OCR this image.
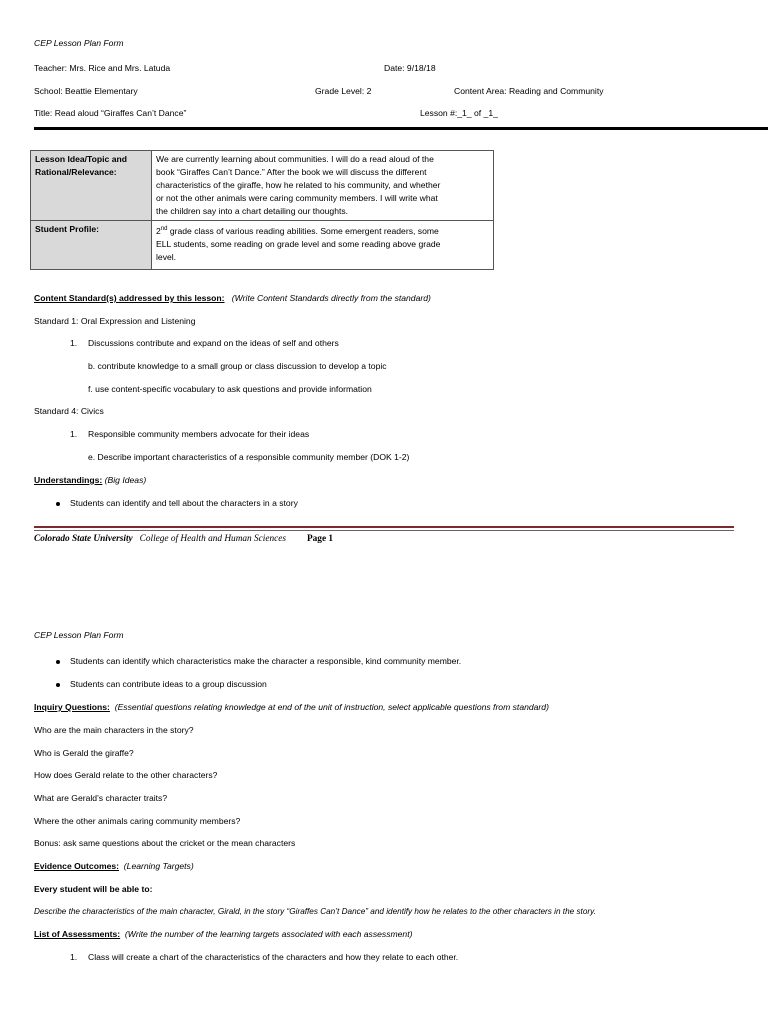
CEP Lesson Plan Form
Teacher: Mrs. Rice and Mrs. Latuda	Date: 9/18/18
School: Beattie Elementary	Grade Level: 2	Content Area: Reading and Community
Title: Read aloud “Giraffes Can’t Dance”	Lesson #:_1_ of _1_
Lesson Idea/Topic and Rational/Relevance:	We are currently learning about communities. I will do a read aloud of the
book “Giraffes Can’t Dance.” After the book we will discuss the different
characteristics of the giraffe, how he related to his community, and whether
or not the other animals were caring community members. I will write what
the children say into a chart detailing our thoughts.

Student Profile:	2nd grade class of various reading abilities. Some emergent readers, some
ELL students, some reading on grade level and some reading above grade
level.
Content Standard(s) addressed by this lesson: (Write Content Standards directly from the standard)
Standard 1: Oral Expression and Listening
1. Discussions contribute and expand on the ideas of self and others
b. contribute knowledge to a small group or class discussion to develop a topic
f. use content-specific vocabulary to ask questions and provide information
Standard 4: Civics
1. Responsible community members advocate for their ideas
e. Describe important characteristics of a responsible community member (DOK 1-2)
Understandings: (Big Ideas)
Students can identify and tell about the characters in a story
Colorado State University College of Health and Human Sciences Page 1
CEP Lesson Plan Form
Students can identify which characteristics make the character a responsible, kind community member.
Students can contribute ideas to a group discussion
Inquiry Questions: (Essential questions relating knowledge at end of the unit of instruction, select applicable questions from standard)
Who are the main characters in the story?
Who is Gerald the giraffe?
How does Gerald relate to the other characters?
What are Gerald’s character traits?
Where the other animals caring community members?
Bonus: ask same questions about the cricket or the mean characters
Evidence Outcomes: (Learning Targets)
Every student will be able to:
Describe the characteristics of the main character, Girald, in the story “Giraffes Can’t Dance” and identify how he relates to the other characters in the story.
List of Assessments: (Write the number of the learning targets associated with each assessment)
1. Class will create a chart of the characteristics of the characters and how they relate to each other.
